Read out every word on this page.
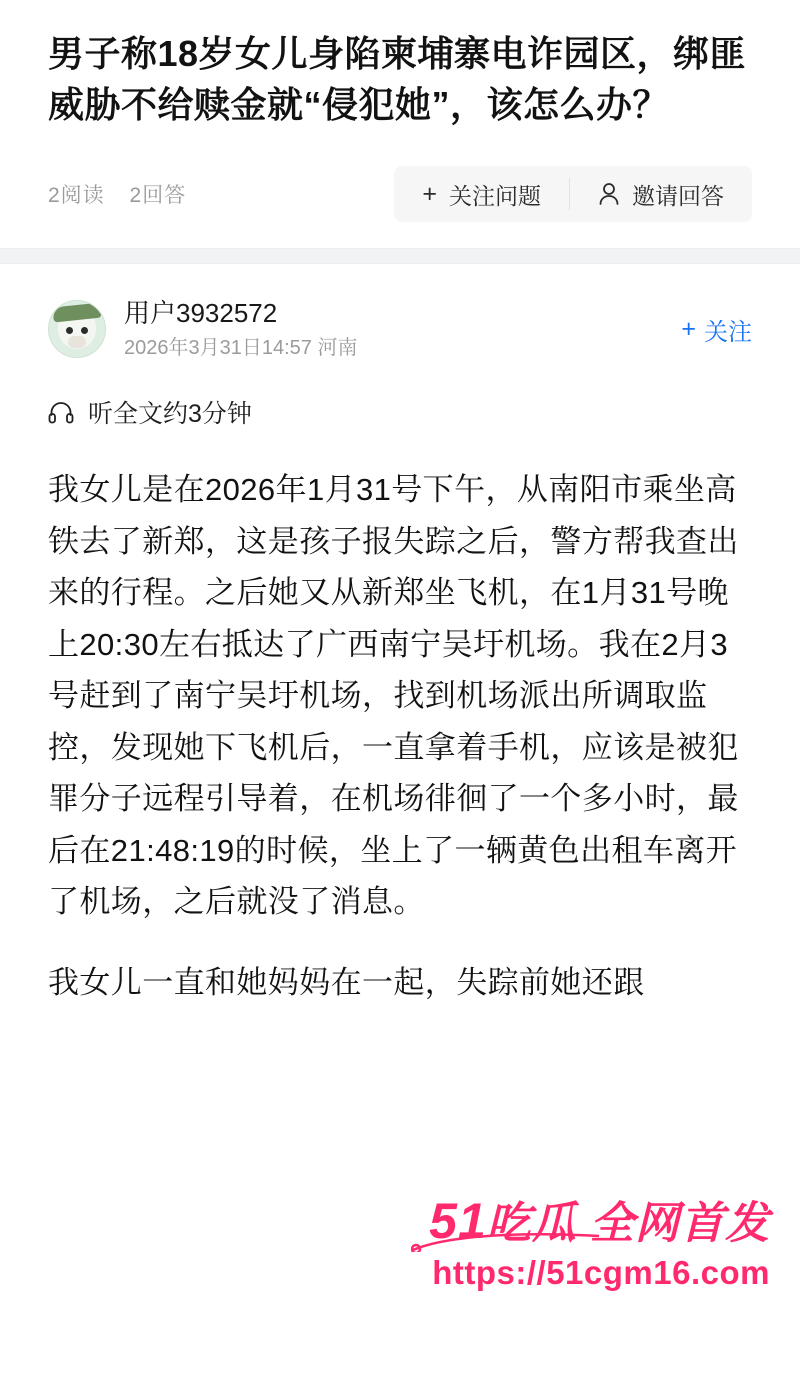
男子称18岁女儿身陷柬埔寨电诈园区，绑匪威胁不给赎金就“侵犯她”，该怎么办？
2阅读 2回答	+ 关注问题	邀请回答
用户3932572
2026年3月31日14:57 河南
+ 关注
听全文约3分钟

我女儿是在2026年1月31号下午，从南阳市乘坐高铁去了新郑，这是孩子报失踪之后，警方帮我查出来的行程。之后她又从新郑坐飞机，在1月31号晚上20:30左右抵达了广西南宁吴圩机场。我在2月3号赶到了南宁吴圩机场，找到机场派出所调取监控，发现她下飞机后，一直拿着手机，应该是被犯罪分子远程引导着，在机场徘徊了一个多小时，最后在21:48:19的时候，坐上了一辆黄色出租车离开了机场，之后就没了消息。

我女儿一直和她妈妈在一起，失踪前她还跟

51吃瓜 全网首发
https://51cgm16.com
